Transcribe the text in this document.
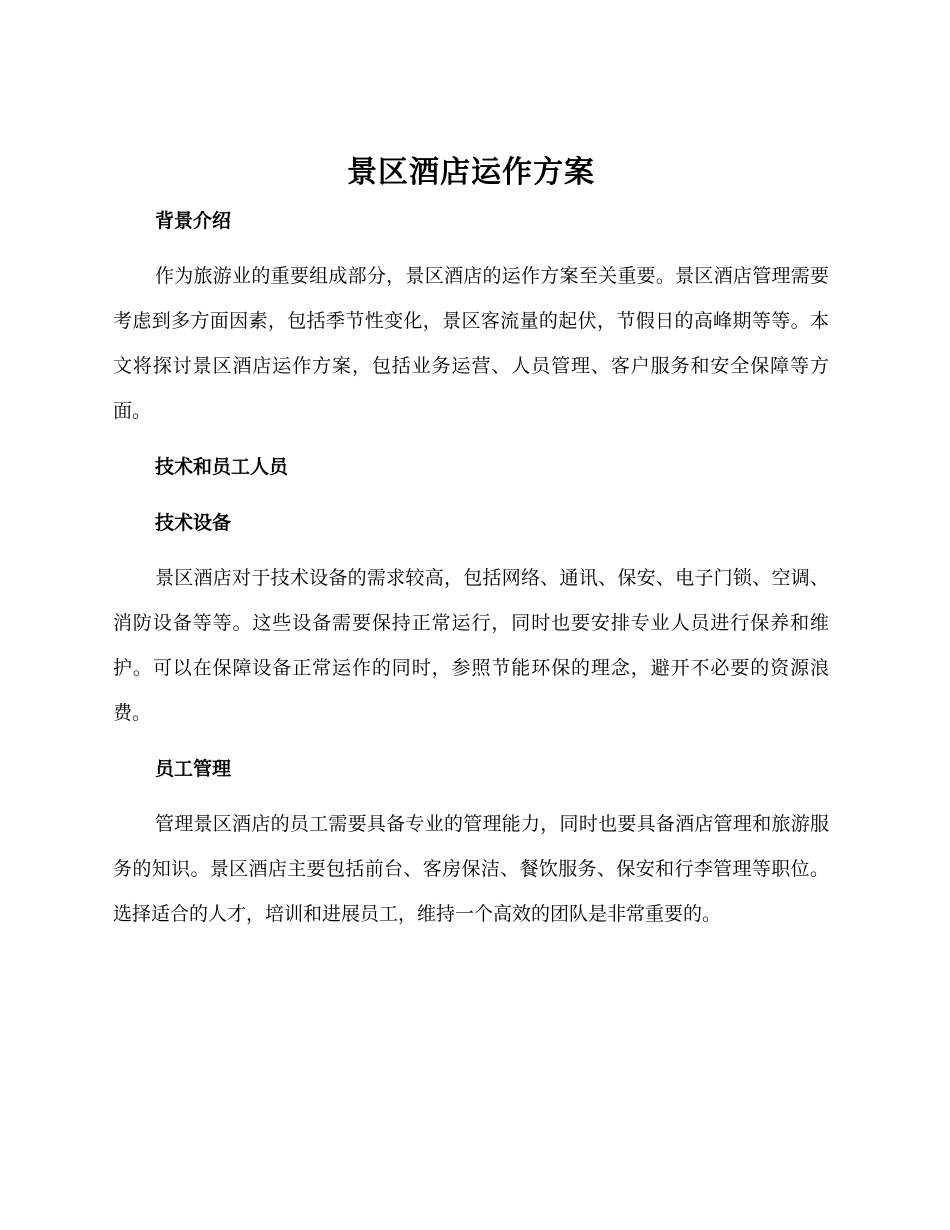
景区酒店运作方案
背景介绍

作为旅游业的重要组成部分，景区酒店的运作方案至关重要。景区酒店管理需要考虑到多方面因素，包括季节性变化，景区客流量的起伏，节假日的高峰期等等。本文将探讨景区酒店运作方案，包括业务运营、人员管理、客户服务和安全保障等方面。

技术和员工人员
技术设备

景区酒店对于技术设备的需求较高，包括网络、通讯、保安、电子门锁、空调、消防设备等等。这些设备需要保持正常运行，同时也要安排专业人员进行保养和维护。可以在保障设备正常运作的同时，参照节能环保的理念，避开不必要的资源浪费。

员工管理

管理景区酒店的员工需要具备专业的管理能力，同时也要具备酒店管理和旅游服务的知识。景区酒店主要包括前台、客房保洁、餐饮服务、保安和行李管理等职位。选择适合的人才，培训和进展员工，维持一个高效的团队是非常重要的。
